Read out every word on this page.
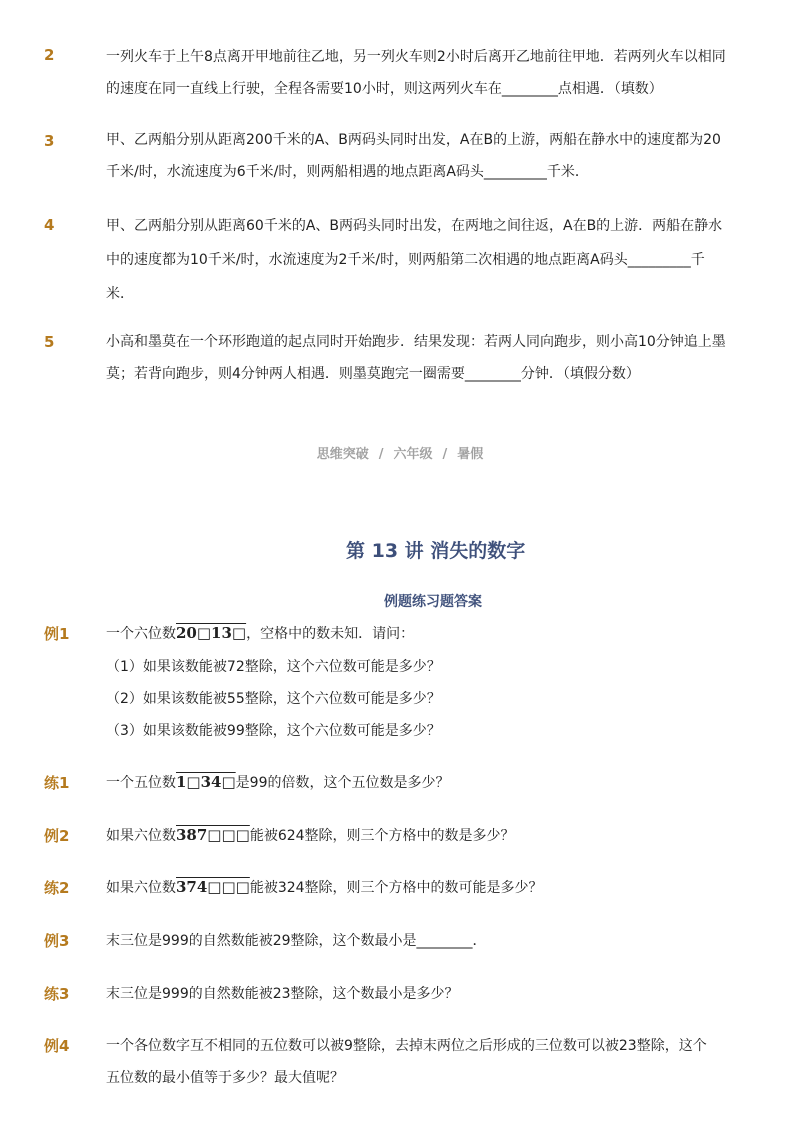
2	一列火车于上午8点离开甲地前往乙地，另一列火车则2小时后离开乙地前往甲地．若两列火车以相同的速度在同一直线上行驶，全程各需要10小时，则这两列火车在________点相遇．（填数）
3	甲、乙两船分别从距离200千米的A、B两码头同时出发，A在B的上游，两船在静水中的速度都为20千米/时，水流速度为6千米/时，则两船相遇的地点距离A码头_________千米．
4	甲、乙两船分别从距离60千米的A、B两码头同时出发，在两地之间往返，A在B的上游．两船在静水中的速度都为10千米/时，水流速度为2千米/时，则两船第二次相遇的地点距离A码头_________千米．
5	小高和墨莫在一个环形跑道的起点同时开始跑步．结果发现：若两人同向跑步，则小高10分钟追上墨莫；若背向跑步，则4分钟两人相遇．则墨莫跑完一圈需要________分钟．（填假分数）
思维突破 / 六年级 / 暑假
第 13 讲 消失的数字
例题练习题答案
例1	一个六位数20□13□，空格中的数未知．请问：
（1）如果该数能被72整除，这个六位数可能是多少？
（2）如果该数能被55整除，这个六位数可能是多少？
（3）如果该数能被99整除，这个六位数可能是多少？
练1	一个五位数1□34□是99的倍数，这个五位数是多少？
例2	如果六位数387□□□能被624整除，则三个方格中的数是多少？
练2	如果六位数374□□□能被324整除，则三个方格中的数可能是多少？
例3	末三位是999的自然数能被29整除，这个数最小是________．
练3	末三位是999的自然数能被23整除，这个数最小是多少？
例4	一个各位数字互不相同的五位数可以被9整除，去掉末两位之后形成的三位数可以被23整除，这个
五位数的最小值等于多少？最大值呢？
